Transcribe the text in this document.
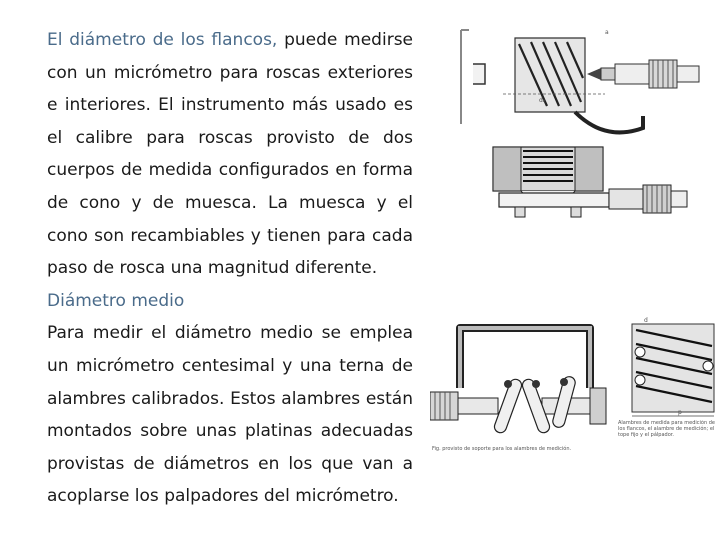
El diámetro de los flancos, puede medirse con un micrómetro para roscas exteriores e interiores. El instrumento más usado es el calibre para roscas provisto de dos cuerpos de medida configurados en forma de cono y de muesca. La muesca y el cono son recambiables y tienen para cada paso de rosca una magnitud diferente.

Diámetro medio

Para medir el diámetro medio se emplea un micrómetro centesimal y una terna de alambres calibrados. Estos alambres están montados sobre unas platinas adecuadas provistas de diámetros en los que van a acoplarse los palpadores del micrómetro.

a
d₂
Fig. provisto de soporte para los alambres de medición.
d
p
Alambres de medida para medición de los flancos, el alambre de medición; el tope fijo y el pálpador.
